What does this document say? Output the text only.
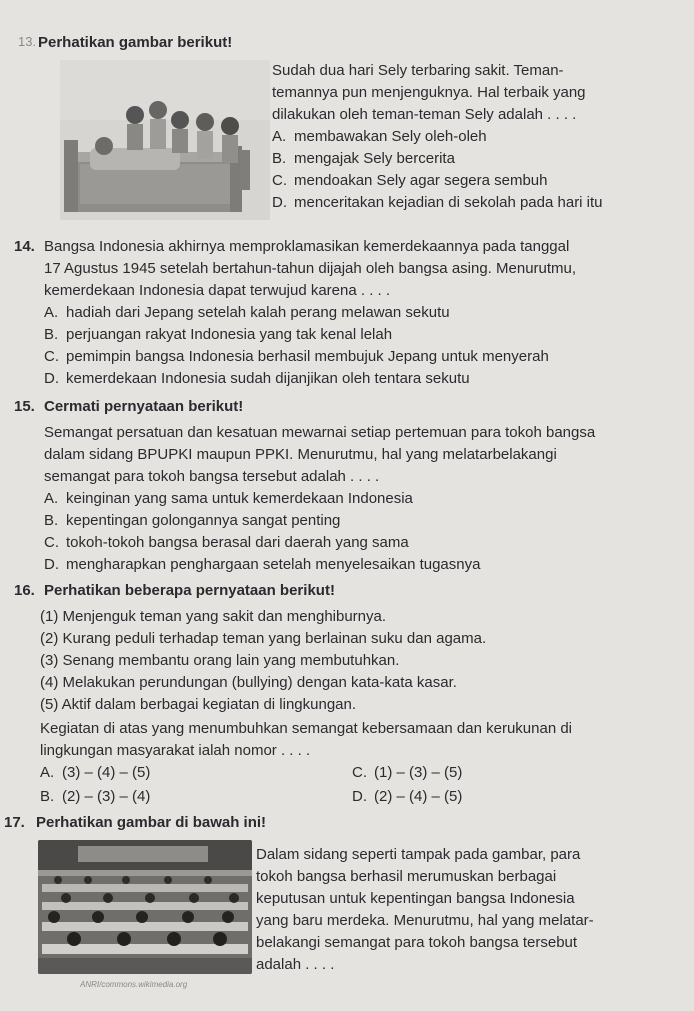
13. Perhatikan gambar berikut!
Sudah dua hari Sely terbaring sakit. Teman-
temannya pun menjenguknya. Hal terbaik yang
dilakukan oleh teman-teman Sely adalah . . . .
A. membawakan Sely oleh-oleh
B. mengajak Sely bercerita
C. mendoakan Sely agar segera sembuh
D. menceritakan kejadian di sekolah pada hari itu
14. Bangsa Indonesia akhirnya memproklamasikan kemerdekaannya pada tanggal
17 Agustus 1945 setelah bertahun-tahun dijajah oleh bangsa asing. Menurutmu,
kemerdekaan Indonesia dapat terwujud karena . . . .
A. hadiah dari Jepang setelah kalah perang melawan sekutu
B. perjuangan rakyat Indonesia yang tak kenal lelah
C. pemimpin bangsa Indonesia berhasil membujuk Jepang untuk menyerah
D. kemerdekaan Indonesia sudah dijanjikan oleh tentara sekutu
15. Cermati pernyataan berikut!
Semangat persatuan dan kesatuan mewarnai setiap pertemuan para tokoh bangsa
dalam sidang BPUPKI maupun PPKI. Menurutmu, hal yang melatarbelakangi
semangat para tokoh bangsa tersebut adalah . . . .
A. keinginan yang sama untuk kemerdekaan Indonesia
B. kepentingan golongannya sangat penting
C. tokoh-tokoh bangsa berasal dari daerah yang sama
D. mengharapkan penghargaan setelah menyelesaikan tugasnya
16. Perhatikan beberapa pernyataan berikut!
(1) Menjenguk teman yang sakit dan menghiburnya.
(2) Kurang peduli terhadap teman yang berlainan suku dan agama.
(3) Senang membantu orang lain yang membutuhkan.
(4) Melakukan perundungan (bullying) dengan kata-kata kasar.
(5) Aktif dalam berbagai kegiatan di lingkungan.
Kegiatan di atas yang menumbuhkan semangat kebersamaan dan kerukunan di
lingkungan masyarakat ialah nomor . . . .
A. (3) – (4) – (5)
B. (2) – (3) – (4)
C. (1) – (3) – (5)
D. (2) – (4) – (5)
17. Perhatikan gambar di bawah ini!
Dalam sidang seperti tampak pada gambar, para
tokoh bangsa berhasil merumuskan berbagai
keputusan untuk kepentingan bangsa Indonesia
yang baru merdeka. Menurutmu, hal yang melatar-
belakangi semangat para tokoh bangsa tersebut
adalah . . . .
ANRI/commons.wikimedia.org
